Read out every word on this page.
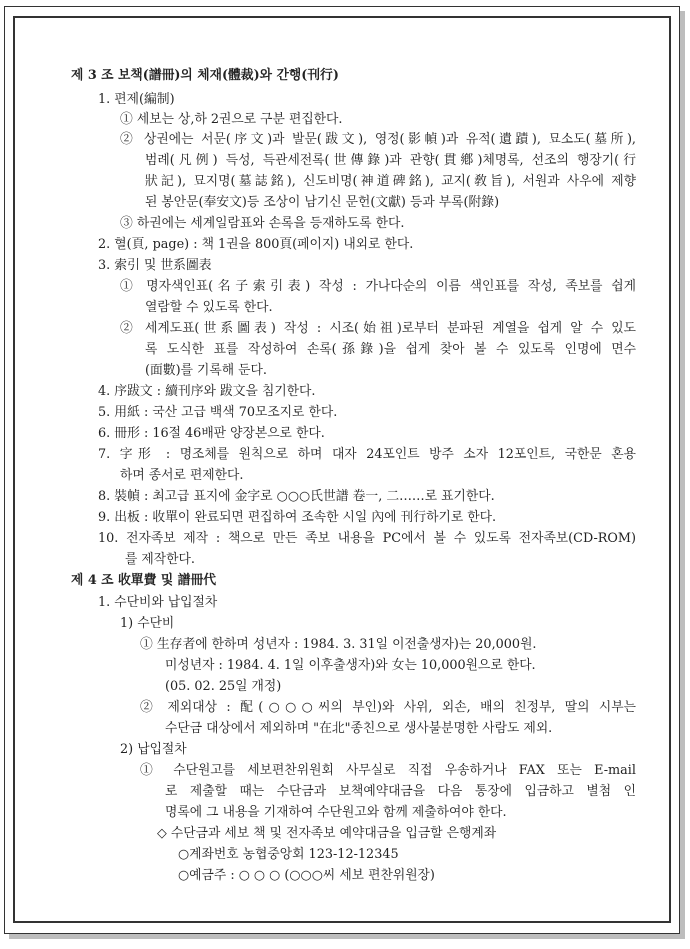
제 3 조 보책(譜冊)의 체재(體裁)와 간행(刊行)
1. 편제(編制)
① 세보는 상,하 2권으로 구분 편집한다.
② 상권에는 서문(序文)과 발문(跋文), 영정(影幀)과 유적(遺蹟), 묘소도(墓所),
범례(凡例) 득성, 득관세전록(世傳錄)과 관향(貫鄕)체명록, 선조의 행장기(行
狀記), 묘지명(墓誌銘), 신도비명(神道碑銘), 교지(敎旨), 서원과 사우에 제향
된 봉안문(奉安文)등 조상이 남기신 문헌(文獻) 등과 부록(附錄)
③ 하권에는 세계일람표와 손록을 등재하도록 한다.
2. 혈(頁, page) : 책 1권을 800頁(페이지) 내외로 한다.
3. 索引 및 世系圖表
① 명자색인표(名子索引表) 작성 : 가나다순의 이름 색인표를 작성, 족보를 쉽게
열람할 수 있도록 한다.
② 세계도표(世系圖表) 작성 : 시조(始祖)로부터 분파된 계열을 쉽게 알 수 있도
록 도식한 표를 작성하여 손록(孫錄)을 쉽게 찾아 볼 수 있도록 인명에 면수
(面數)를 기록해 둔다.
4. 序跋文 : 續刊序와 跋文을 침기한다.
5. 用紙 : 국산 고급 백색 70모조지로 한다.
6. 冊形 : 16절 46배판 양장본으로 한다.
7. 字形 : 명조체를 원칙으로 하며 대자 24포인트 방주 소자 12포인트, 국한문 혼용
하며 종서로 편제한다.
8. 裝幀 : 최고급 표지에 金字로 ○○○氏世譜 卷一, 二……로 표기한다.
9. 出板 : 收單이 완료되면 편집하여 조속한 시일 內에 刊行하기로 한다.
10. 전자족보 제작 : 책으로 만든 족보 내용을 PC에서 볼 수 있도록 전자족보(CD-ROM)
를 제작한다.
제 4 조 收單費 및 譜冊代
1. 수단비와 납입절차
1) 수단비
① 生存者에 한하며 성년자 : 1984. 3. 31일 이전출생자)는 20,000원.
미성년자 : 1984. 4. 1일 이후출생자)와 女는 10,000원으로 한다.
(05. 02. 25일 개정)
② 제외대상 : 配(○○○씨의 부인)와 사위, 외손, 배의 친정부, 딸의 시부는
수단금 대상에서 제외하며 "在北"종친으로 생사불분명한 사람도 제외.
2) 납입절차
① 수단원고를 세보편찬위원회 사무실로 직접 우송하거나 FAX 또는 E-mail
로 제출할 때는 수단금과 보책예약대금을 다음 통장에 입금하고 별첨 인
명록에 그 내용을 기재하여 수단원고와 함께 제출하여야 한다.
◇ 수단금과 세보 책 및 전자족보 예약대금을 입금할 은행계좌
○계좌번호 농협중앙회 123-12-12345
○예금주 : ○ ○ ○ (○○○씨 세보 편찬위원장)
